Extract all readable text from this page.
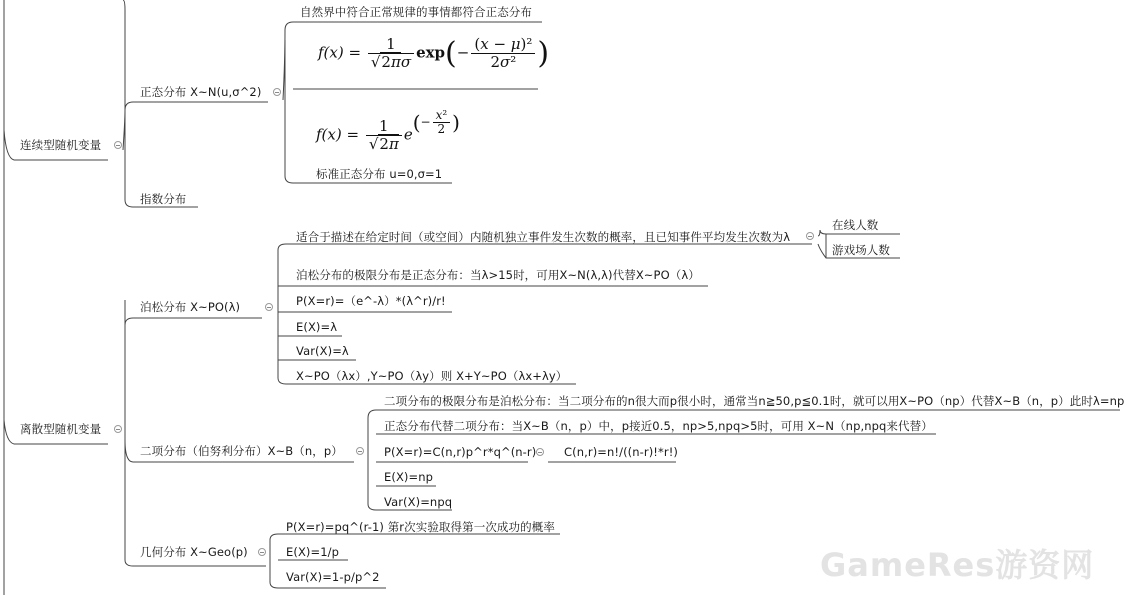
连续型随机变量
离散型随机变量
正态分布 X~N(u,σ^2)
自然界中符合正常规律的事情都符合正态分布
$f(x) = \frac{1}{√2\pi\sigma} \exp(- \frac{\text{(x − μ)²}}{\text{2σ²}}$ )
$f(x) = \frac{1}{√2\pi} e(- \frac{\text{x²}}{2}$ )
标准正态分布 u=0,σ=1
指数分布
泊松分布 X~PO(λ)
适合于描述在给定时间（或空间）内随机独立事件发生次数的概率，且已知事件平均发生次数为λ
在线人数
游戏场人数
泊松分布的极限分布是正态分布：当λ>15时，可用X~N(λ,λ)代替X~PO（λ）
P(X=r)=（e^-λ）*(λ^r)/r!
E(X)=λ
Var(X)=λ
X~PO（λx）,Y~PO（λy）则 X+Y~PO（λx+λy）
二项分布（伯努利分布）X~B（n，p）
二项分布的极限分布是泊松分布：当二项分布的n很大而p很小时，通常当n≧50,p≦0.1时，就可以用X~PO（np）代替X~B（n，p）此时λ=np
正态分布代替二项分布：当X~B（n，p）中，p接近0.5，np>5,npq>5时，可用 X~N（np,npq来代替）
P(X=r)=C(n,r)p^r*q^(n-r) C(n,r)=n!/((n-r)!*r!)
E(X)=np
Var(X)=npq
几何分布 X~Geo(p)
P(X=r)=pq^(r-1) 第r次实验取得第一次成功的概率
E(X)=1/p
Var(X)=1-p/p^2	GameRes游资网
